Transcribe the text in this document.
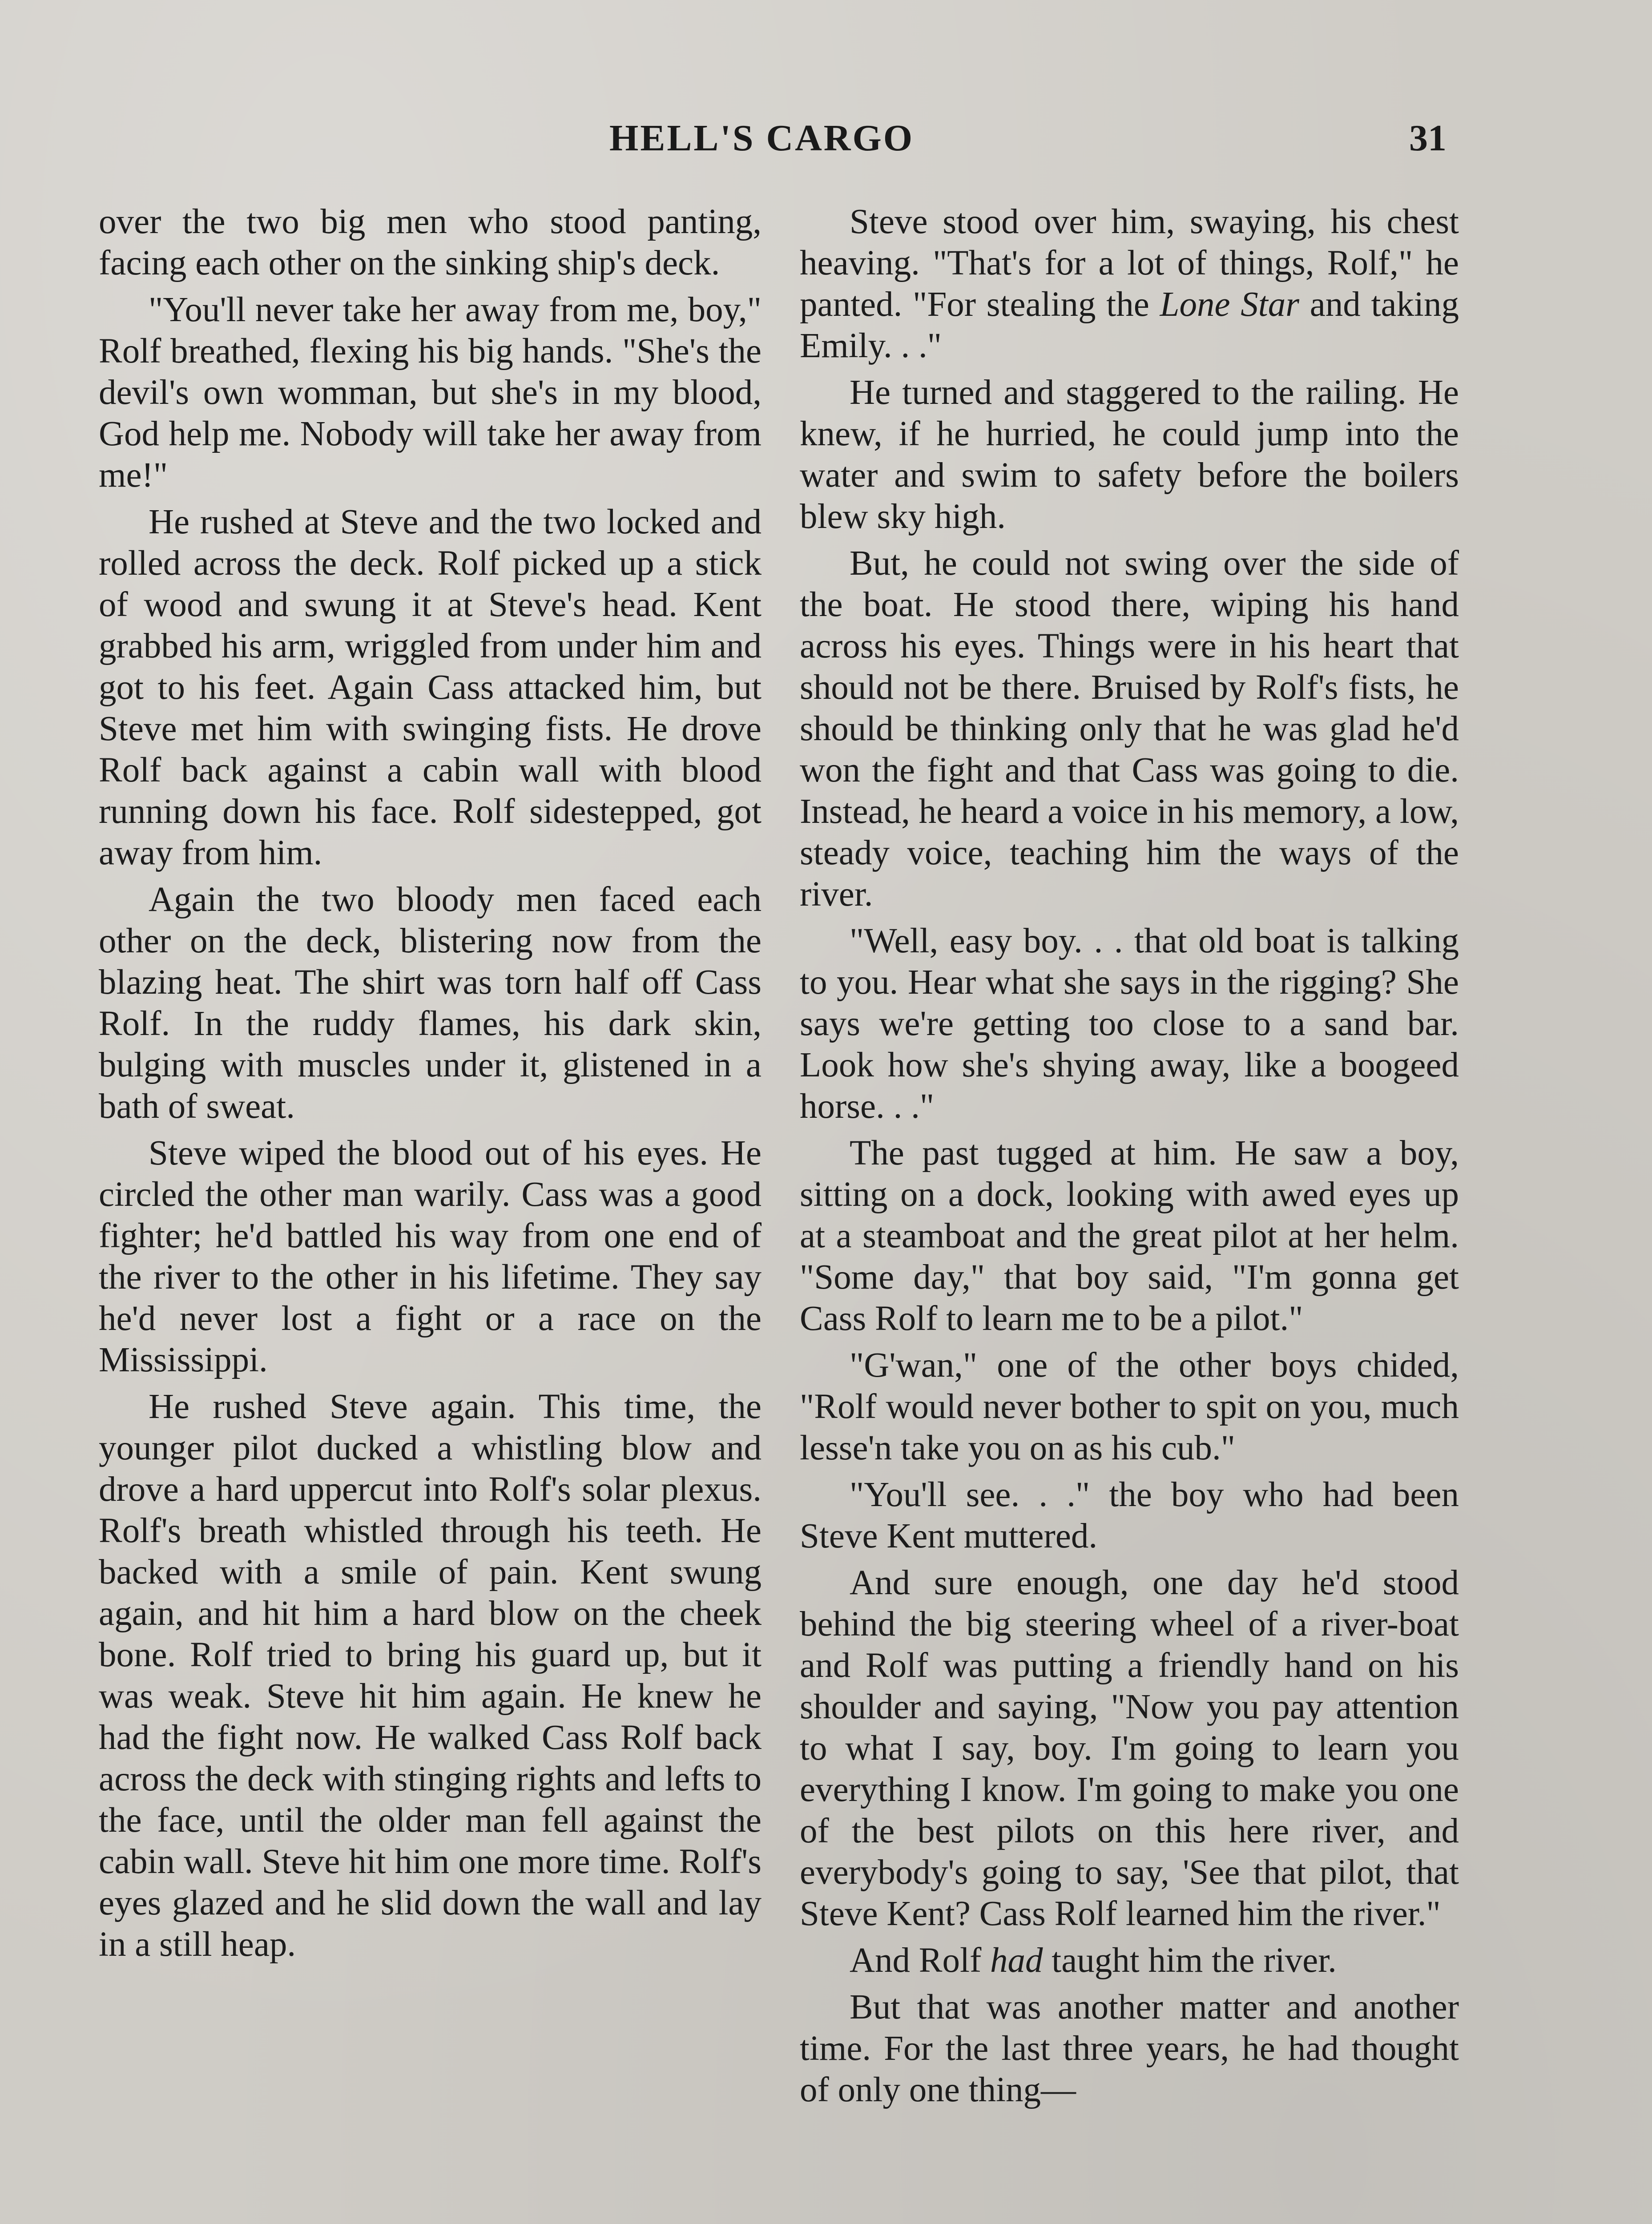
HELL'S CARGO	31

over the two big men who stood panting, facing each other on the sinking ship's deck.

"You'll never take her away from me, boy," Rolf breathed, flexing his big hands. "She's the devil's own womman, but she's in my blood, God help me. Nobody will take her away from me!"

He rushed at Steve and the two locked and rolled across the deck. Rolf picked up a stick of wood and swung it at Steve's head. Kent grabbed his arm, wriggled from under him and got to his feet. Again Cass attacked him, but Steve met him with swinging fists. He drove Rolf back against a cabin wall with blood running down his face. Rolf sidestepped, got away from him.

Again the two bloody men faced each other on the deck, blistering now from the blazing heat. The shirt was torn half off Cass Rolf. In the ruddy flames, his dark skin, bulging with muscles under it, glistened in a bath of sweat.

Steve wiped the blood out of his eyes. He circled the other man warily. Cass was a good fighter; he'd battled his way from one end of the river to the other in his lifetime. They say he'd never lost a fight or a race on the Mississippi.

He rushed Steve again. This time, the younger pilot ducked a whistling blow and drove a hard uppercut into Rolf's solar plexus. Rolf's breath whistled through his teeth. He backed with a smile of pain. Kent swung again, and hit him a hard blow on the cheek bone. Rolf tried to bring his guard up, but it was weak. Steve hit him again. He knew he had the fight now. He walked Cass Rolf back across the deck with stinging rights and lefts to the face, until the older man fell against the cabin wall. Steve hit him one more time. Rolf's eyes glazed and he slid down the wall and lay in a still heap.

Steve stood over him, swaying, his chest heaving. "That's for a lot of things, Rolf," he panted. "For stealing the Lone Star and taking Emily. . ."

He turned and staggered to the railing. He knew, if he hurried, he could jump into the water and swim to safety before the boilers blew sky high.

But, he could not swing over the side of the boat. He stood there, wiping his hand across his eyes. Things were in his heart that should not be there. Bruised by Rolf's fists, he should be thinking only that he was glad he'd won the fight and that Cass was going to die. Instead, he heard a voice in his memory, a low, steady voice, teaching him the ways of the river.

"Well, easy boy. . . that old boat is talking to you. Hear what she says in the rigging? She says we're getting too close to a sand bar. Look how she's shying away, like a boogeed horse. . ."

The past tugged at him. He saw a boy, sitting on a dock, looking with awed eyes up at a steamboat and the great pilot at her helm. "Some day," that boy said, "I'm gonna get Cass Rolf to learn me to be a pilot."

"G'wan," one of the other boys chided, "Rolf would never bother to spit on you, much lesse'n take you on as his cub."

"You'll see. . ." the boy who had been Steve Kent muttered.

And sure enough, one day he'd stood behind the big steering wheel of a river-boat and Rolf was putting a friendly hand on his shoulder and saying, "Now you pay attention to what I say, boy. I'm going to learn you everything I know. I'm going to make you one of the best pilots on this here river, and everybody's going to say, 'See that pilot, that Steve Kent? Cass Rolf learned him the river."

And Rolf had taught him the river.

But that was another matter and another time. For the last three years, he had thought of only one thing—
